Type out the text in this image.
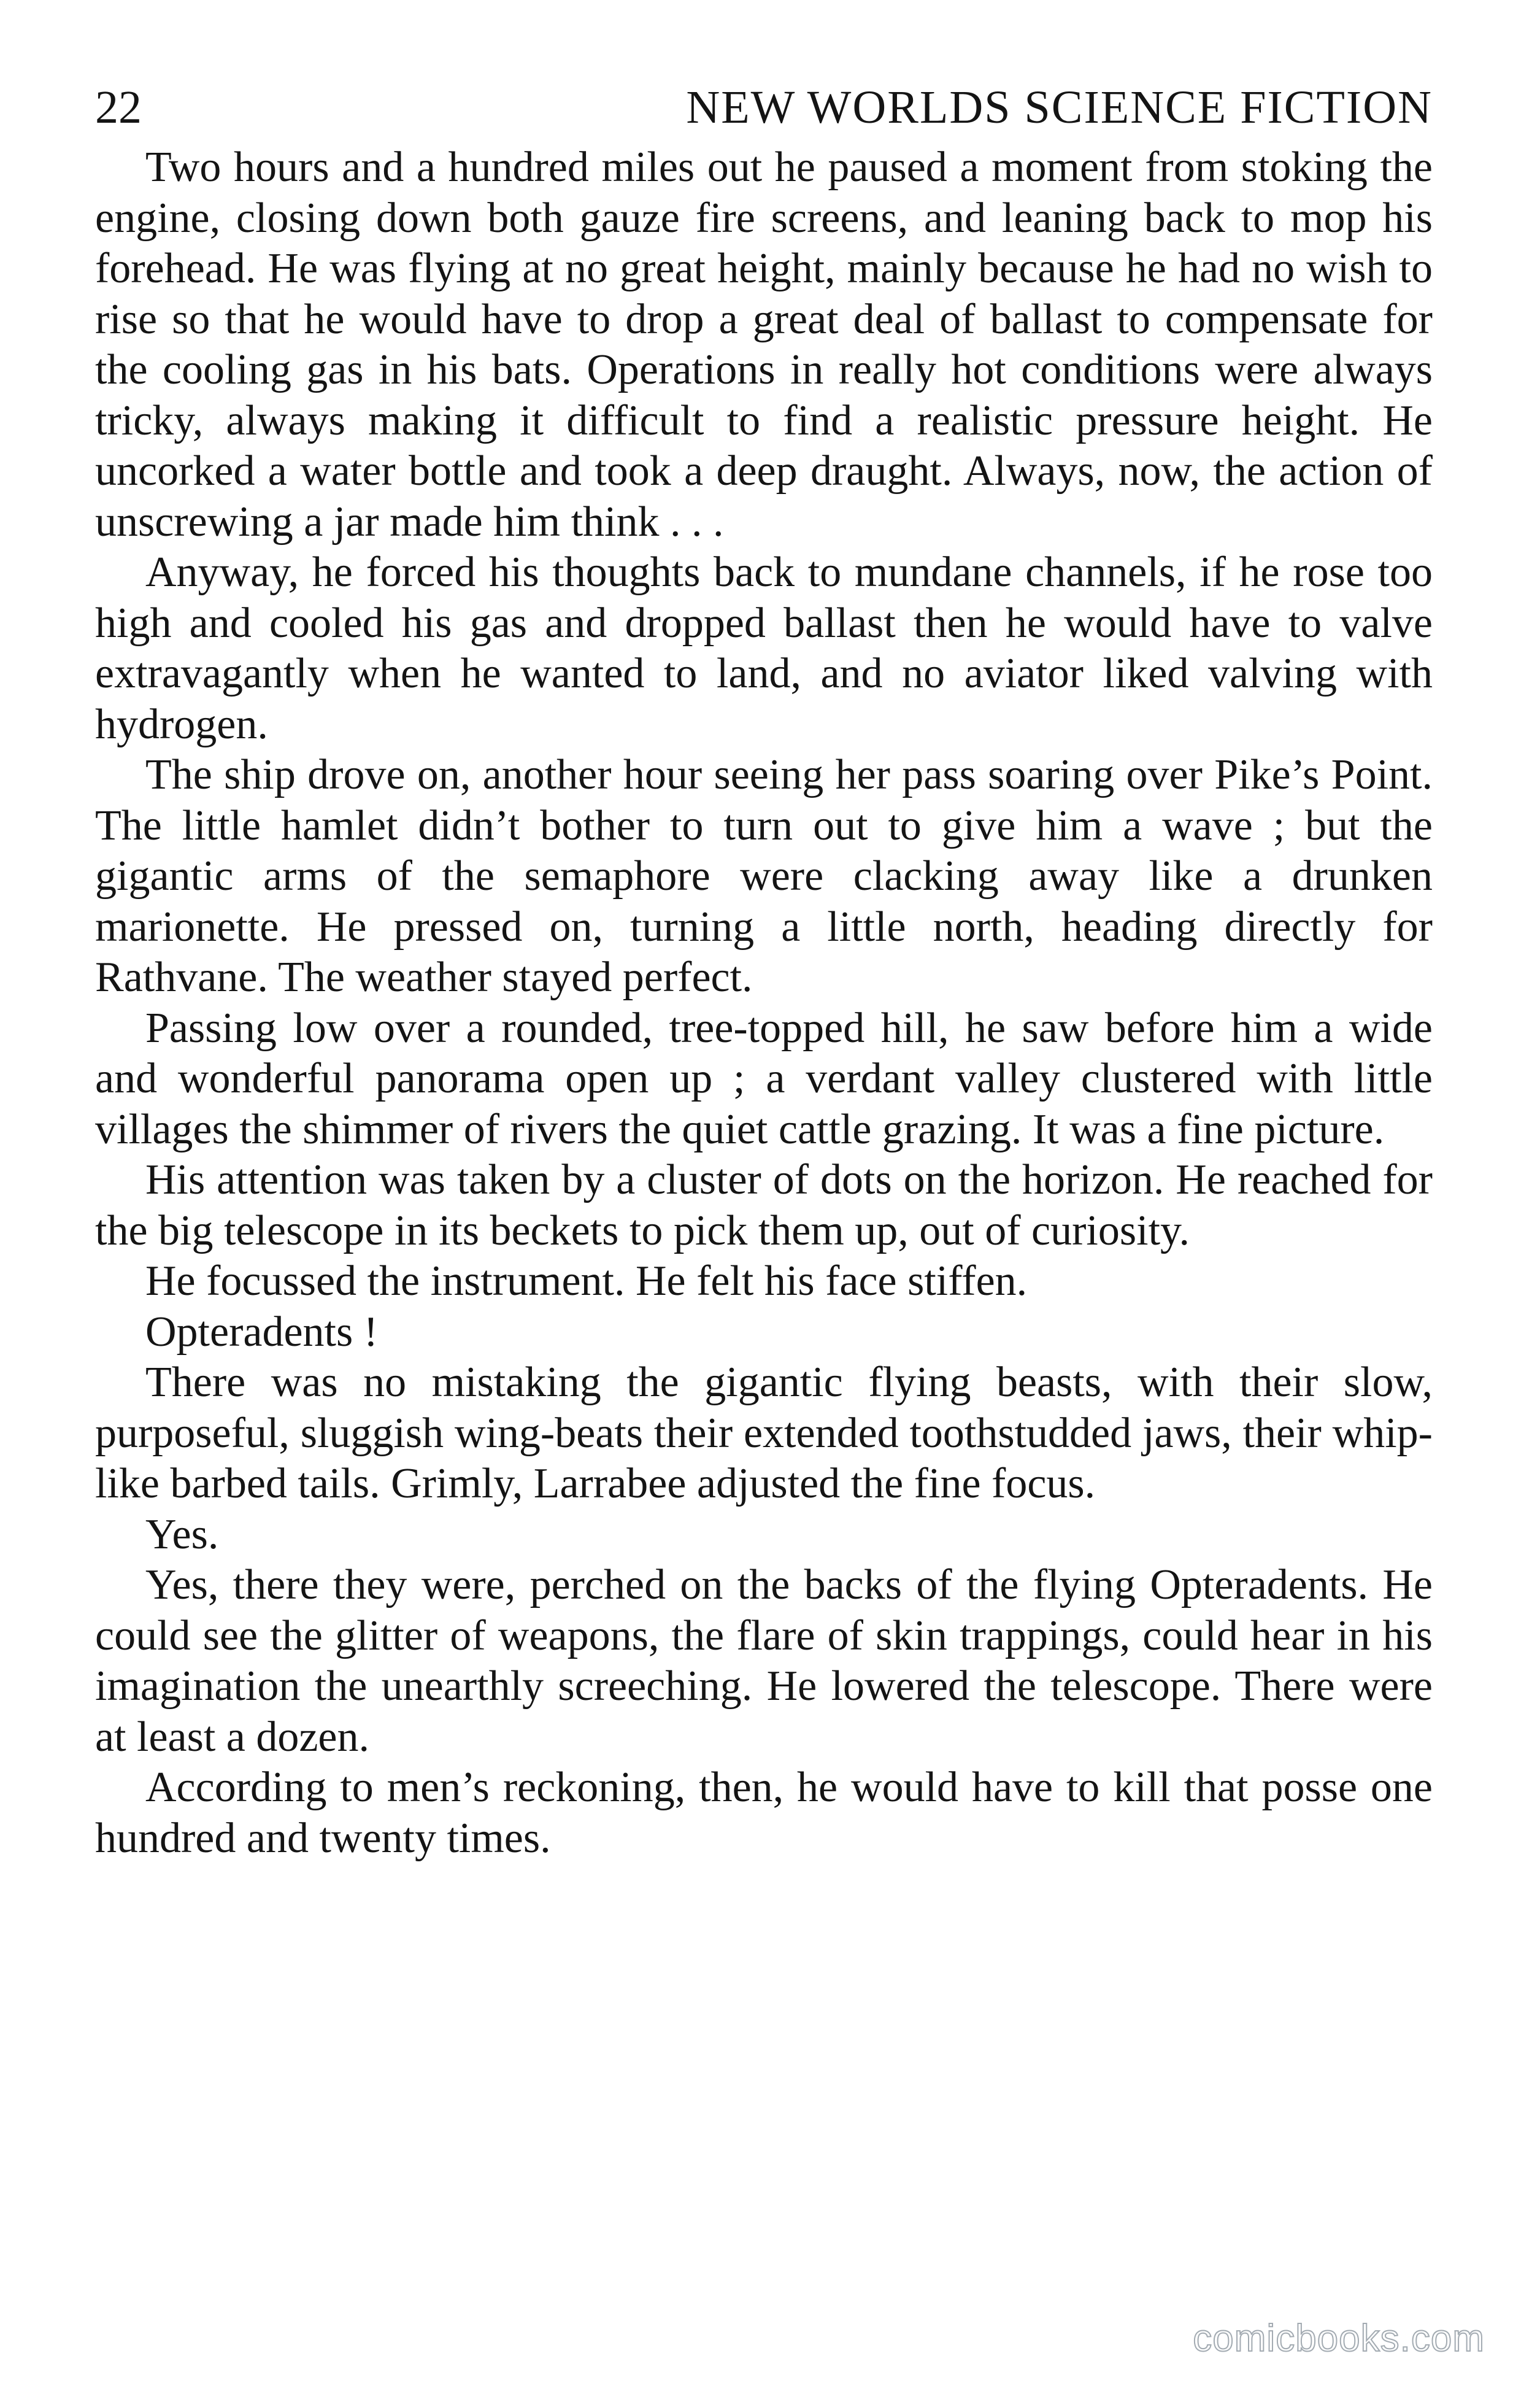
22	NEW WORLDS SCIENCE FICTION

Two hours and a hundred miles out he paused a moment from stoking the engine, closing down both gauze fire screens, and leaning back to mop his forehead. He was flying at no great height, mainly because he had no wish to rise so that he would have to drop a great deal of ballast to compensate for the cooling gas in his bats. Operations in really hot conditions were always tricky, always making it difficult to find a realistic pressure height. He uncorked a water bottle and took a deep draught. Always, now, the action of unscrewing a jar made him think . . .

Anyway, he forced his thoughts back to mundane channels, if he rose too high and cooled his gas and dropped ballast then he would have to valve extravagantly when he wanted to land, and no aviator liked valving with hydrogen.

The ship drove on, another hour seeing her pass soaring over Pike’s Point. The little hamlet didn’t bother to turn out to give him a wave ; but the gigantic arms of the semaphore were clacking away like a drunken marionette. He pressed on, turning a little north, heading directly for Rathvane. The weather stayed perfect.

Passing low over a rounded, tree-topped hill, he saw before him a wide and wonderful panorama open up ; a verdant valley clustered with little villages the shimmer of rivers the quiet cattle grazing. It was a fine picture.

His attention was taken by a cluster of dots on the horizon. He reached for the big telescope in its beckets to pick them up, out of curiosity.

He focussed the instrument. He felt his face stiffen.

Opteradents !

There was no mistaking the gigantic flying beasts, with their slow, purposeful, sluggish wing-beats their extended toothstudded jaws, their whip-like barbed tails. Grimly, Larrabee adjusted the fine focus.

Yes.

Yes, there they were, perched on the backs of the flying Opteradents. He could see the glitter of weapons, the flare of skin trappings, could hear in his imagination the unearthly screeching. He lowered the telescope. There were at least a dozen.

According to men’s reckoning, then, he would have to kill that posse one hundred and twenty times.

comicbooks.com
